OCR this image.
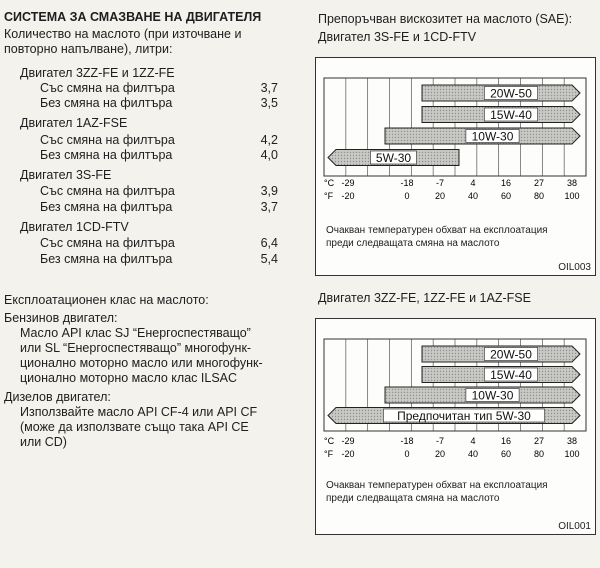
СИСТЕМА ЗА СМАЗВАНЕ НА ДВИГАТЕЛЯ
Количество на маслото (при източване и
повторно напълване), литри:
Двигател 3ZZ-FE и 1ZZ-FE
Със смяна на филтъра	3,7
Без смяна на филтъра	3,5
Двигател 1AZ-FSE
Със смяна на филтъра	4,2
Без смяна на филтъра	4,0
Двигател 3S-FE
Със смяна на филтъра	3,9
Без смяна на филтъра	3,7
Двигател 1CD-FTV
Със смяна на филтъра	6,4
Без смяна на филтъра	5,4
Експлоатационен клас на маслото:
Бензинов двигател:
Масло API клас SJ “Енергоспестяващо”
или SL “Енергоспестяващо” многофунк-
ционално моторно масло или многофунк-
ционално моторно масло клас ILSAC
Дизелов двигател:
Използвайте масло API CF-4 или API CF
(може да използвате също така API CE
или CD)
Препоръчван вискозитет на маслото (SAE):
Двигател 3S-FE и 1CD-FTV
Двигател 3ZZ-FE, 1ZZ-FE и 1AZ-FSE
20W-50
15W-40
10W-30
5W-30
°C
°F
-29	-18 -7	4	16	27	38
-20	0	20	40	60	80 100
Очакван температурен обхват на експлоатация
преди следващата смяна на маслото
OIL003
20W-50
15W-40
10W-30
Предпочитан тип 5W-30
°C
°F
-29	-18 -7	4	16	27	38
-20	0	20	40	60	80 100
Очакван температурен обхват на експлоатация
преди следващата смяна на маслото
OIL001
